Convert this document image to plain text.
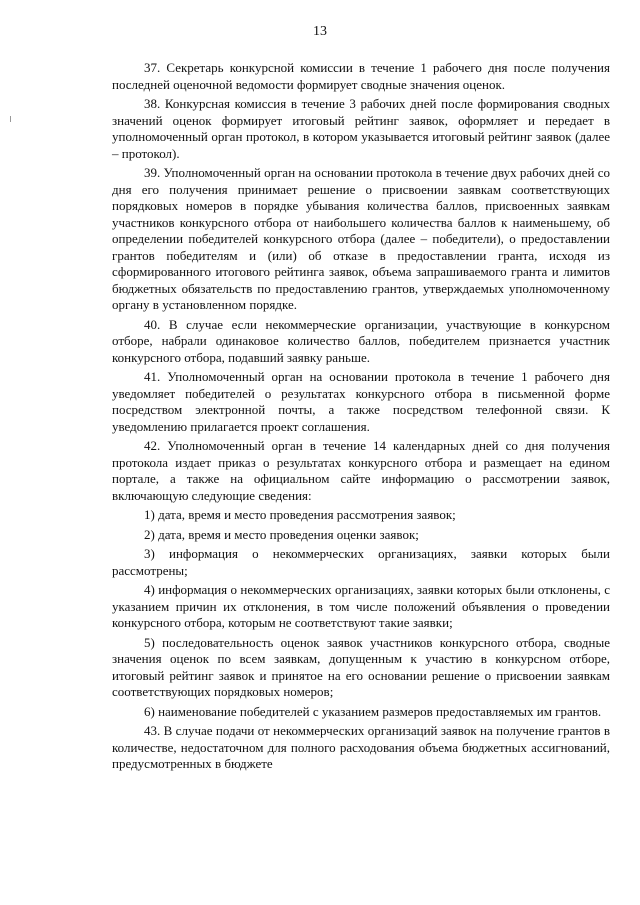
13

37. Секретарь конкурсной комиссии в течение 1 рабочего дня после получения последней оценочной ведомости формирует сводные значения оценок.

38. Конкурсная комиссия в течение 3 рабочих дней после формирования сводных значений оценок формирует итоговый рейтинг заявок, оформляет и передает в уполномоченный орган протокол, в котором указывается итоговый рейтинг заявок (далее – протокол).

39. Уполномоченный орган на основании протокола в течение двух рабочих дней со дня его получения принимает решение о присвоении заявкам соответствующих порядковых номеров в порядке убывания количества баллов, присвоенных заявкам участников конкурсного отбора от наибольшего количества баллов к наименьшему, об определении победителей конкурсного отбора (далее – победители), о предоставлении грантов победителям и (или) об отказе в предоставлении гранта, исходя из сформированного итогового рейтинга заявок, объема запрашиваемого гранта и лимитов бюджетных обязательств по предоставлению грантов, утверждаемых уполномоченному органу в установленном порядке.

40. В случае если некоммерческие организации, участвующие в конкурсном отборе, набрали одинаковое количество баллов, победителем признается участник конкурсного отбора, подавший заявку раньше.

41. Уполномоченный орган на основании протокола в течение 1 рабочего дня уведомляет победителей о результатах конкурсного отбора в письменной форме посредством электронной почты, а также посредством телефонной связи. К уведомлению прилагается проект соглашения.

42. Уполномоченный орган в течение 14 календарных дней со дня получения протокола издает приказ о результатах конкурсного отбора и размещает на едином портале, а также на официальном сайте информацию о рассмотрении заявок, включающую следующие сведения:

1) дата, время и место проведения рассмотрения заявок;

2) дата, время и место проведения оценки заявок;

3) информация о некоммерческих организациях, заявки которых были рассмотрены;

4) информация о некоммерческих организациях, заявки которых были отклонены, с указанием причин их отклонения, в том числе положений объявления о проведении конкурсного отбора, которым не соответствуют такие заявки;

5) последовательность оценок заявок участников конкурсного отбора, сводные значения оценок по всем заявкам, допущенным к участию в конкурсном отборе, итоговый рейтинг заявок и принятое на его основании решение о присвоении заявкам соответствующих порядковых номеров;

6) наименование победителей с указанием размеров предоставляемых им грантов.

43. В случае подачи от некоммерческих организаций заявок на получение грантов в количестве, недостаточном для полного расходования объема бюджетных ассигнований, предусмотренных в бюджете
